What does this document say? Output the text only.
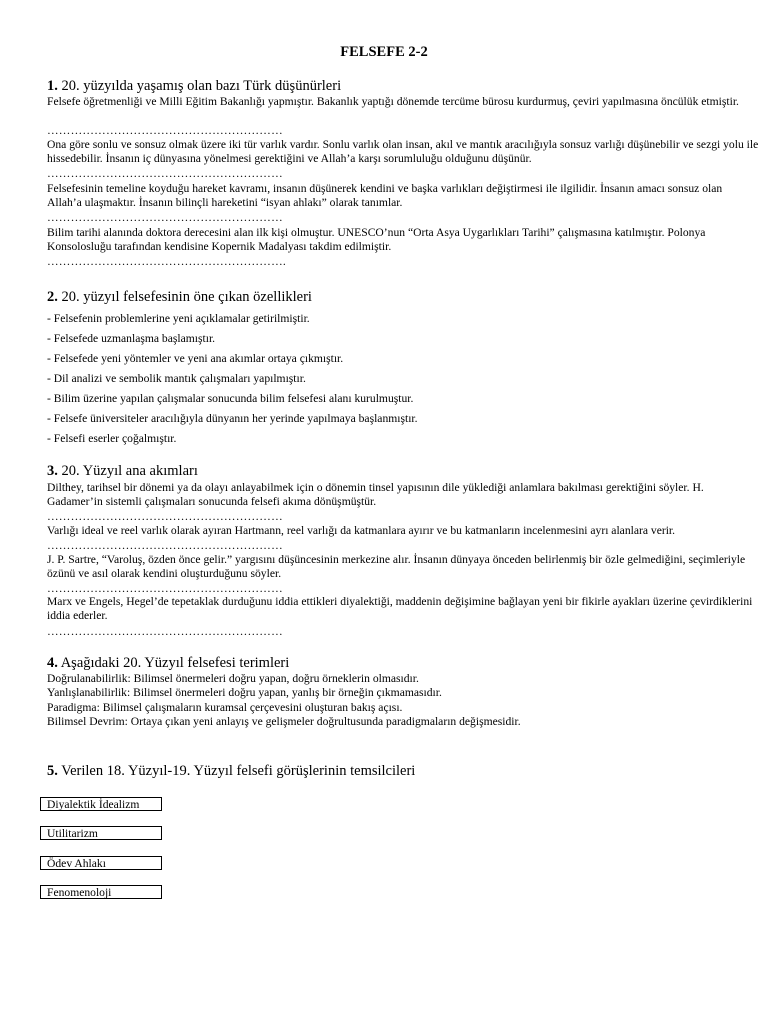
FELSEFE 2-2
1. 20. yüzyılda yaşamış olan bazı Türk düşünürleri
Felsefe öğretmenliği ve Milli Eğitim Bakanlığı yapmıştır. Bakanlık yaptığı dönemde tercüme bürosu kurdurmuş, çeviri yapılmasına öncülük etmiştir.
……………………………………………………
Ona göre sonlu ve sonsuz olmak üzere iki tür varlık vardır. Sonlu varlık olan insan, akıl ve mantık aracılığıyla sonsuz varlığı düşünebilir ve sezgi yolu ile hissedebilir. İnsanın iç dünyasına yönelmesi gerektiğini ve Allah’a karşı sorumluluğu olduğunu düşünür.
……………………………………………………
Felsefesinin temeline koyduğu hareket kavramı, insanın düşünerek kendini ve başka varlıkları değiştirmesi ile ilgilidir. İnsanın amacı sonsuz olan Allah’a ulaşmaktır. İnsanın bilinçli hareketini “isyan ahlakı” olarak tanımlar.
……………………………………………………
Bilim tarihi alanında doktora derecesini alan ilk kişi olmuştur. UNESCO’nun “Orta Asya Uygarlıkları Tarihi” çalışmasına katılmıştır. Polonya Konsolosluğu tarafından kendisine Kopernik Madalyası takdim edilmiştir.
…………………………………………………….
2. 20. yüzyıl felsefesinin öne çıkan özellikleri
- Felsefenin problemlerine yeni açıklamalar getirilmiştir.
- Felsefede uzmanlaşma başlamıştır.
- Felsefede yeni yöntemler ve yeni ana akımlar ortaya çıkmıştır.
- Dil analizi ve sembolik mantık çalışmaları yapılmıştır.
- Bilim üzerine yapılan çalışmalar sonucunda bilim felsefesi alanı kurulmuştur.
- Felsefe üniversiteler aracılığıyla dünyanın her yerinde yapılmaya başlanmıştır.
- Felsefi eserler çoğalmıştır.
3. 20. Yüzyıl ana akımları
Dilthey, tarihsel bir dönemi ya da olayı anlayabilmek için o dönemin tinsel yapısının dile yüklediği anlamlara bakılması gerektiğini söyler. H. Gadamer’in sistemli çalışmaları sonucunda felsefi akıma dönüşmüştür.
……………………………………………………
Varlığı ideal ve reel varlık olarak ayıran Hartmann, reel varlığı da katmanlara ayırır ve bu katmanların incelenmesini ayrı alanlara verir.
……………………………………………………
J. P. Sartre, “Varoluş, özden önce gelir.” yargısını düşüncesinin merkezine alır. İnsanın dünyaya önceden belirlenmiş bir özle gelmediğini, seçimleriyle özünü ve asıl olarak kendini oluşturduğunu söyler.
……………………………………………………
Marx ve Engels, Hegel’de tepetaklak durduğunu iddia ettikleri diyalektiği, maddenin değişimine bağlayan yeni bir fikirle ayakları üzerine çevirdiklerini iddia ederler.
……………………………………………………
4. Aşağıdaki 20. Yüzyıl felsefesi terimleri
Doğrulanabilirlik: Bilimsel önermeleri doğru yapan, doğru örneklerin olmasıdır.
Yanlışlanabilirlik: Bilimsel önermeleri doğru yapan, yanlış bir örneğin çıkmamasıdır.
Paradigma: Bilimsel çalışmaların kuramsal çerçevesini oluşturan bakış açısı.
Bilimsel Devrim: Ortaya çıkan yeni anlayış ve gelişmeler doğrultusunda paradigmaların değişmesidir.
5. Verilen 18. Yüzyıl-19. Yüzyıl felsefi görüşlerinin temsilcileri
Diyalektik İdealizm
Utilitarizm
Ödev Ahlakı
Fenomenoloji
